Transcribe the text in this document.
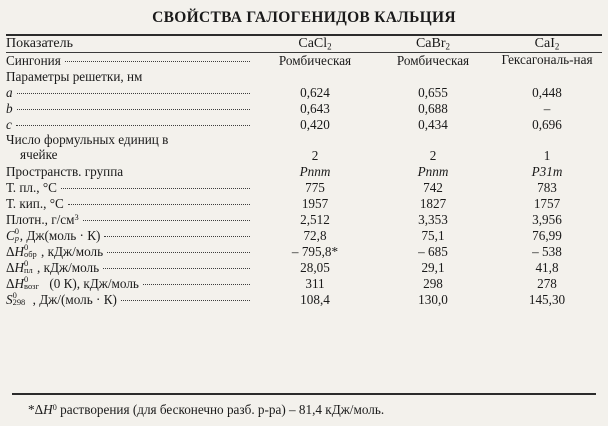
СВОЙСТВА ГАЛОГЕНИДОВ КАЛЬЦИЯ
Показатель	CaCl$_2$	CaBr$_2$	CaI$_2$
Сингония	Ромбическая	Ромбическая	Гексагональ-ная
Параметры решетки, нм			

a	0,624	0,655	0,448

b	0,643	0,688	–

c	0,420	0,434	0,696

Число формульных единиц в
ячейке	2	2	1

Пространств. группа	Pnnm	Pnnm	P31m

Т. пл., °C	775	742	783

Т. кип., °C	1957	1827	1757

Плотн., $г/см^3$	2,512	3,353	3,956

C 0
p , Дж(моль · К)	72,8	75,1	76,99

ΔH 0
обр , кДж/моль	– 795,8*	– 685	– 538

ΔH 0
пл , кДж/моль	28,05	29,1	41,8

ΔH 0
возг (0 К), кДж/моль	311	298	278

S 0
298 , Дж/(моль · К)	108,4	130,0	145,30
$*\Delta H^0$ растворения (для бесконечно разб. р-ра) – 81,4 кДж/моль.
